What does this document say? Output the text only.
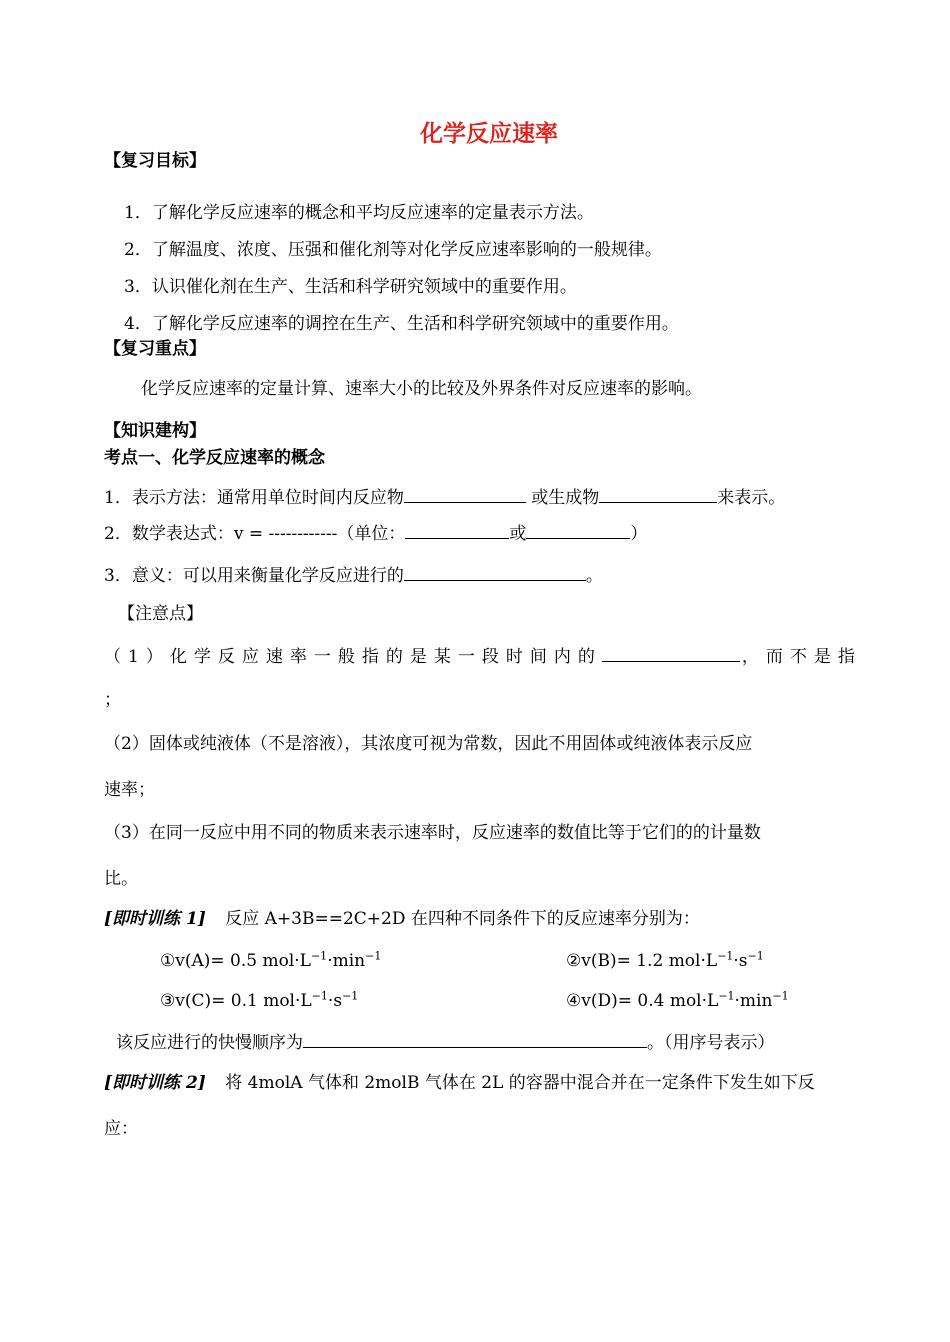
化学反应速率
【复习目标】
1．了解化学反应速率的概念和平均反应速率的定量表示方法。
2．了解温度、浓度、压强和催化剂等对化学反应速率影响的一般规律。
3．认识催化剂在生产、生活和科学研究领域中的重要作用。
4．了解化学反应速率的调控在生产、生活和科学研究领域中的重要作用。
【复习重点】
化学反应速率的定量计算、速率大小的比较及外界条件对反应速率的影响。
【知识建构】
考点一、化学反应速率的概念
1．表示方法：通常用单位时间内反应物	或生成物	来表示。
2．数学表达式：v = ------------（单位：	或	）
3．意义：可以用来衡量化学反应进行的	。
【注意点】
（1）化学反应速率一般指的是某一段时间内的	，而不是指
；
（2）固体或纯液体（不是溶液），其浓度可视为常数，因此不用固体或纯液体表示反应
速率；
（3）在同一反应中用不同的物质来表示速率时，反应速率的数值比等于它们的的计量数
比。
[即时训练 1] 反应 A+3B==2C+2D 在四种不同条件下的反应速率分别为：
①v(A)= 0.5 $mol\cdot L^{-1}\cdot\min^{-1}$	②v(B)= 1.2 $mol\cdot L^{-1}\cdot s^{-1}$
③v(C)= 0.1 $mol\cdot L^{-1}\cdot s^{-1}$	④v(D)= 0.4 $mol\cdot L^{-1}\cdot\min^{-1}$
该反应进行的快慢顺序为	。（用序号表示）
[即时训练 2] 将 4molA 气体和 2molB 气体在 2L 的容器中混合并在一定条件下发生如下反
应：
